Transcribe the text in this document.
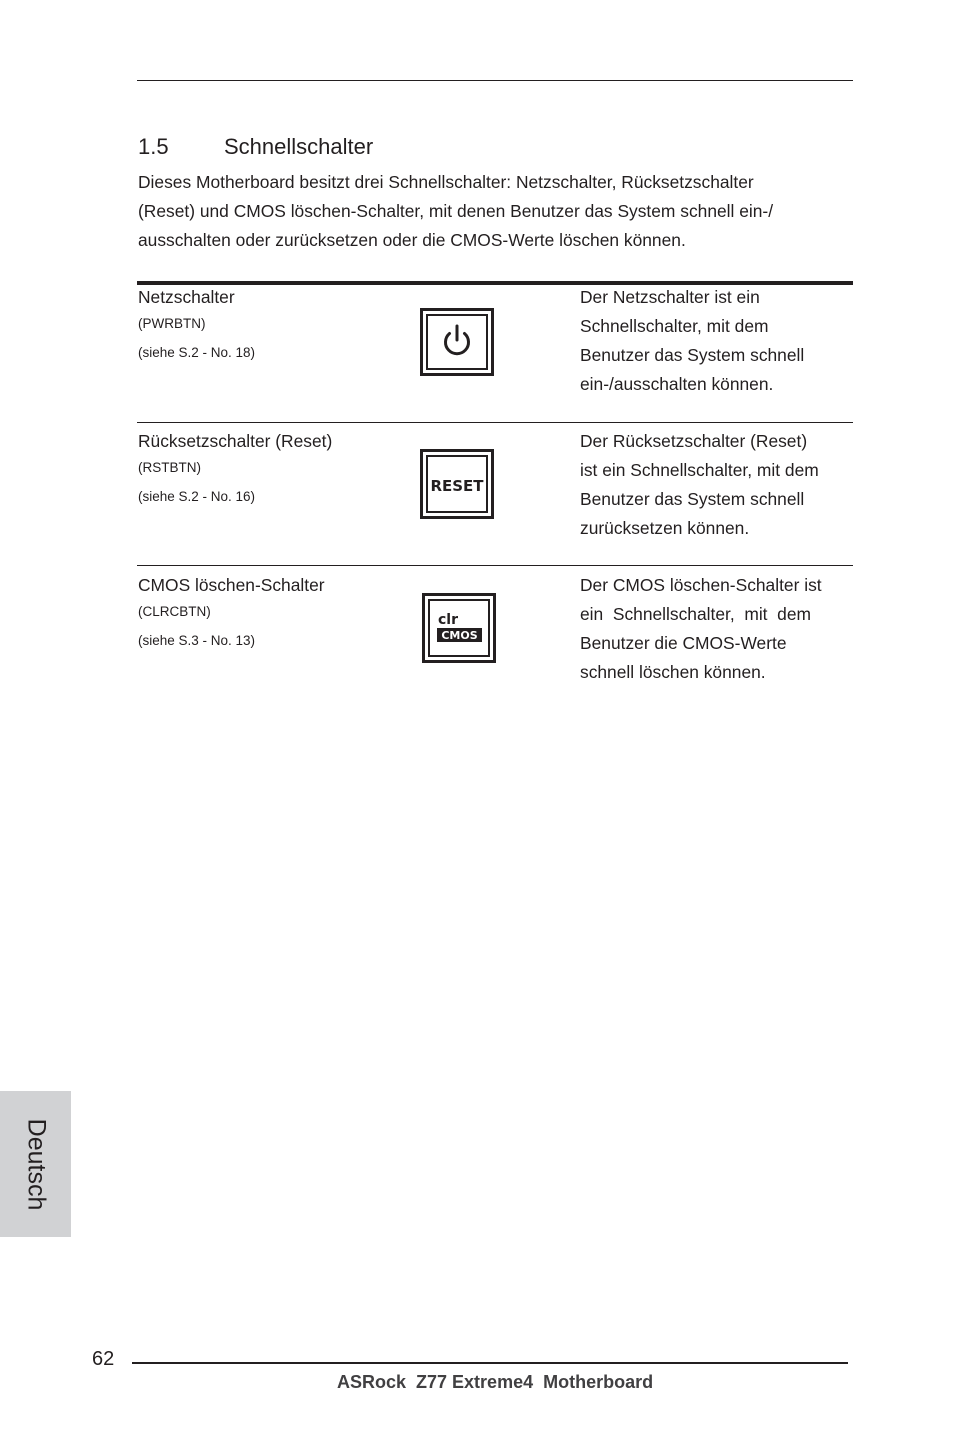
1.5	Schnellschalter
Dieses Motherboard besitzt drei Schnellschalter: Netzschalter, Rücksetzschalter
(Reset) und CMOS löschen-Schalter, mit denen Benutzer das System schnell ein-/
ausschalten oder zurücksetzen oder die CMOS-Werte löschen können.
Netzschalter
(PWRBTN)
(siehe S.2 - No. 18)
Der Netzschalter ist ein
Schnellschalter, mit dem
Benutzer das System schnell
ein-/ausschalten können.
Rücksetzschalter (Reset)
(RSTBTN)
(siehe S.2 - No. 16)
RESET
Der Rücksetzschalter (Reset)
ist ein Schnellschalter, mit dem
Benutzer das System schnell
zurücksetzen können.
CMOS löschen-Schalter
(CLRCBTN)
(siehe S.3 - No. 13)
clr
CMOS
Der CMOS löschen-Schalter ist
ein  Schnellschalter,  mit  dem
Benutzer die CMOS-Werte
schnell löschen können.
Deutsch
62
ASRock  Z77 Extreme4  Motherboard
